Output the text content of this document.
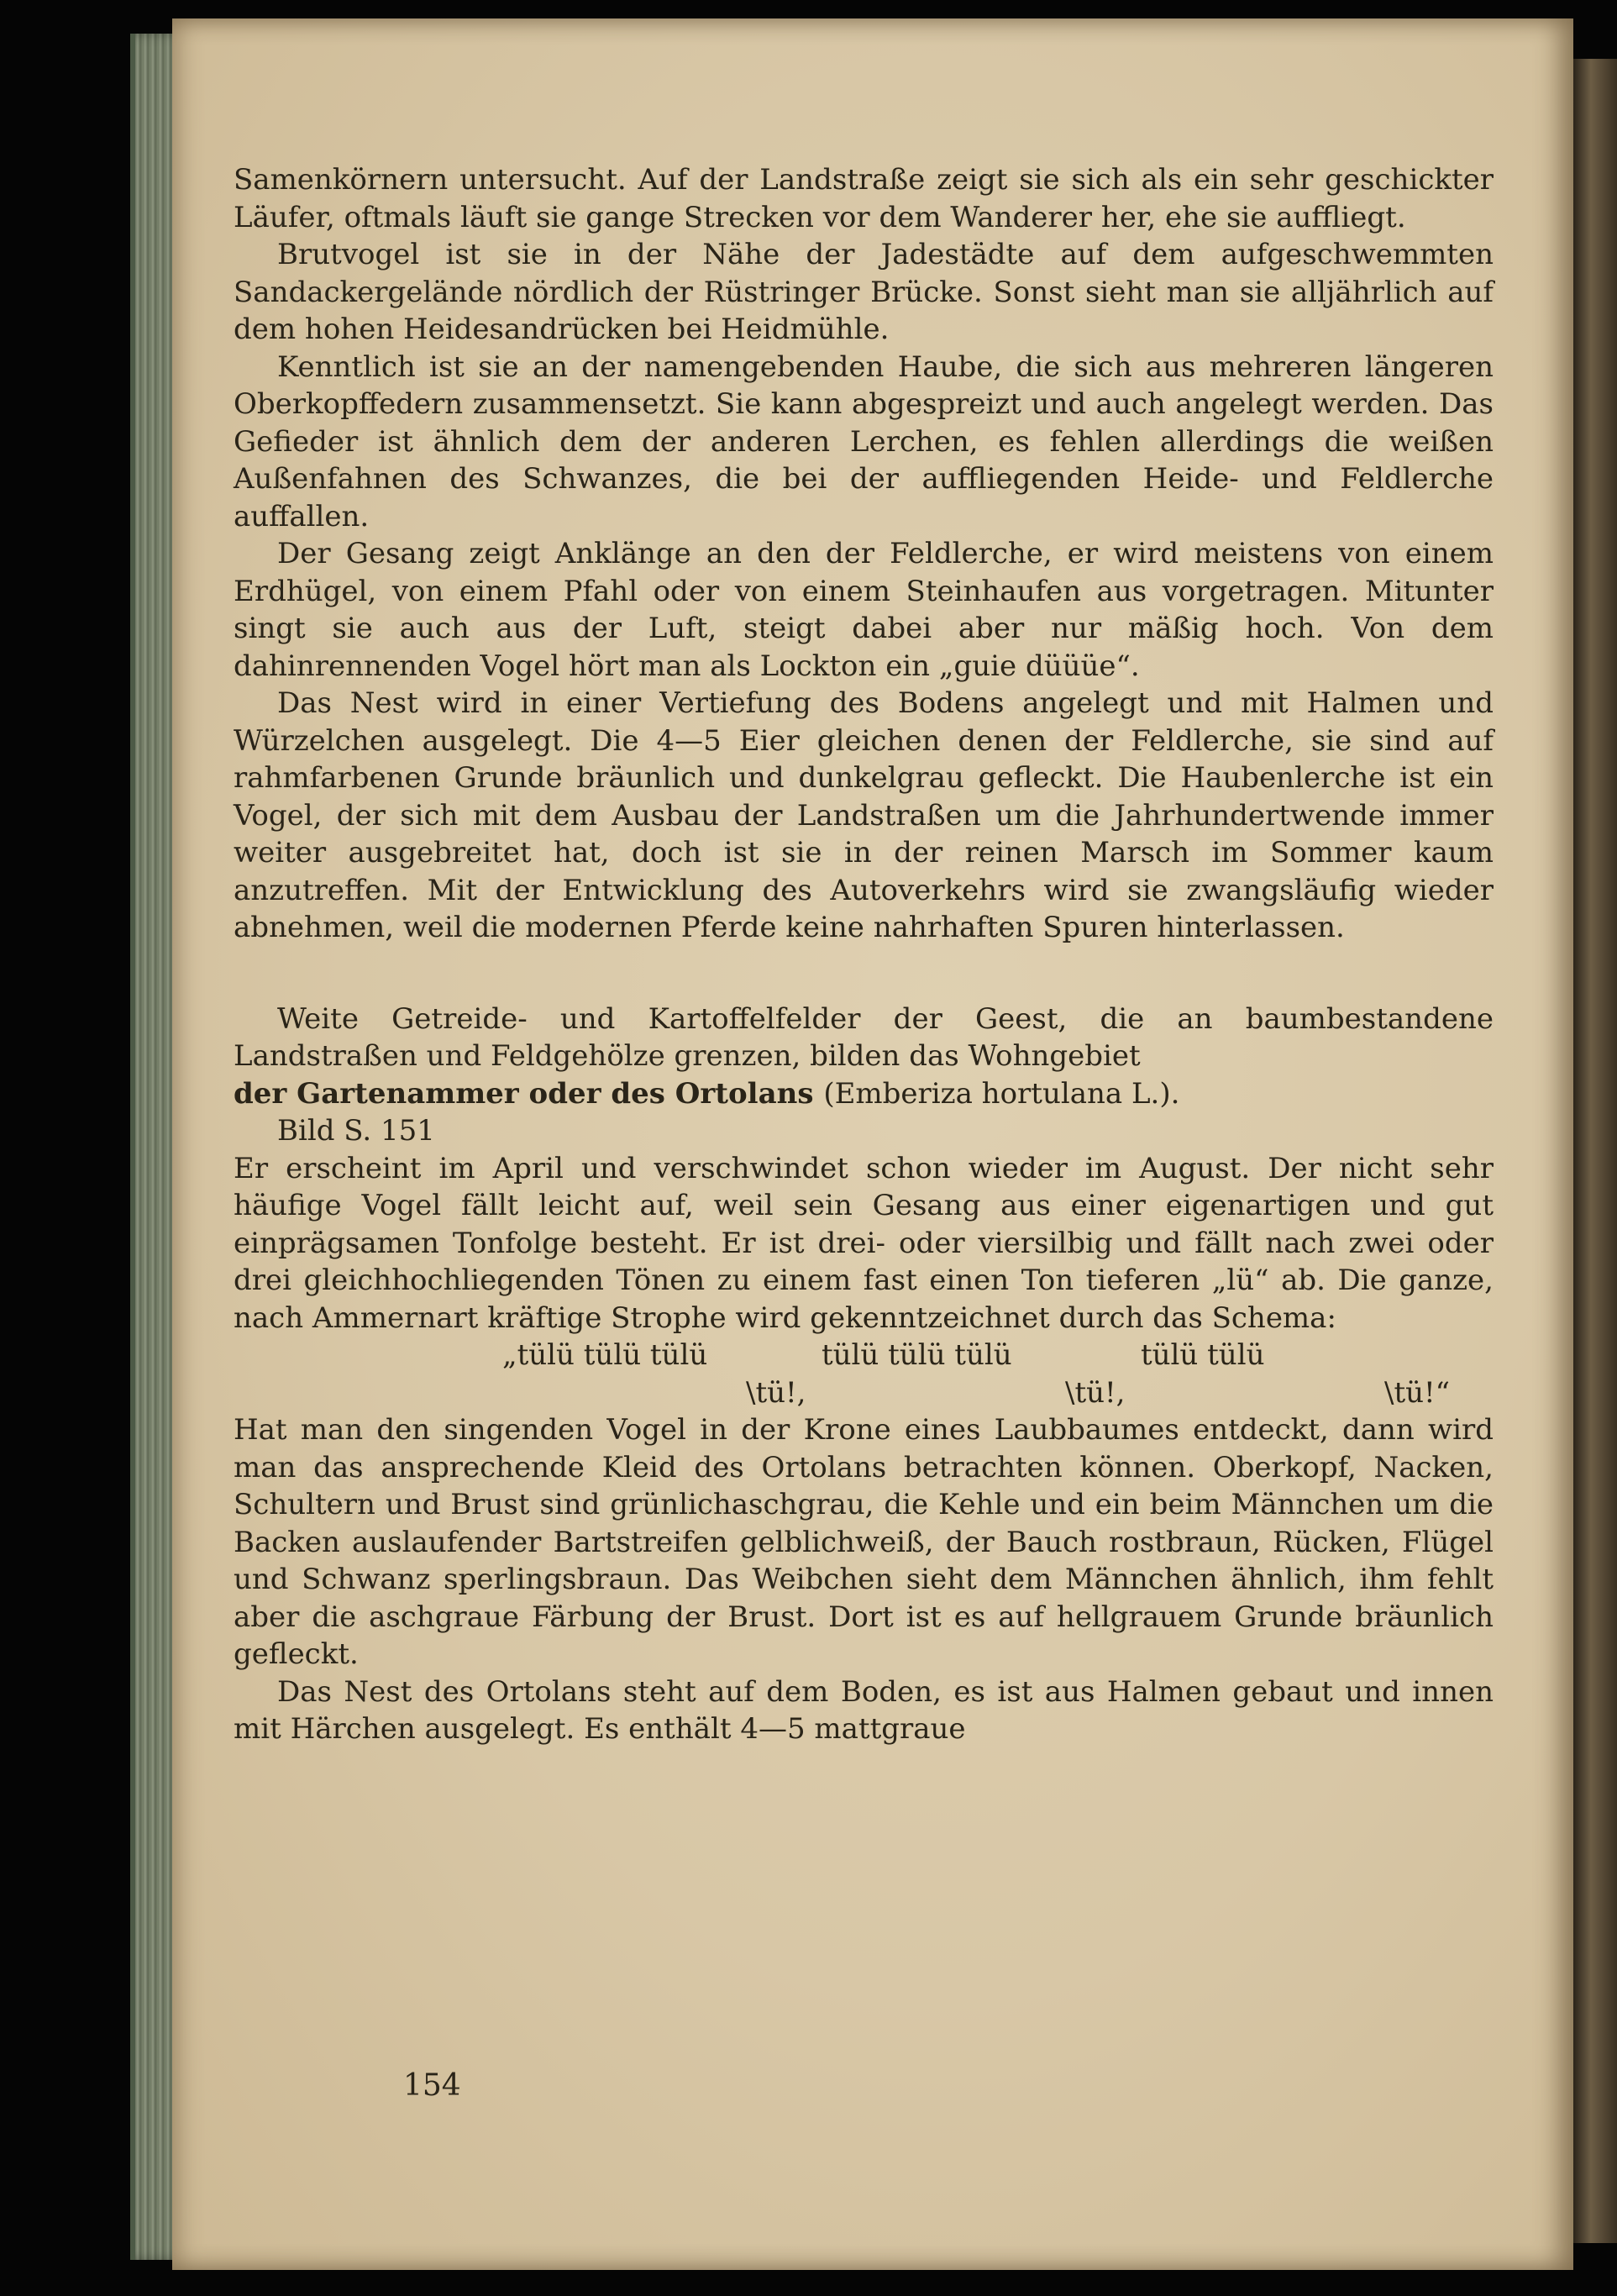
Samenkörnern untersucht. Auf der Landstraße zeigt sie sich als ein sehr geschickter Läufer, oftmals läuft sie gange Strecken vor dem Wanderer her, ehe sie auffliegt.

Brutvogel ist sie in der Nähe der Jadestädte auf dem aufgeschwemmten Sandackergelände nördlich der Rüstringer Brücke. Sonst sieht man sie alljährlich auf dem hohen Heidesandrücken bei Heidmühle.

Kenntlich ist sie an der namengebenden Haube, die sich aus mehreren längeren Oberkopffedern zusammensetzt. Sie kann abgespreizt und auch angelegt werden. Das Gefieder ist ähnlich dem der anderen Lerchen, es fehlen allerdings die weißen Außenfahnen des Schwanzes, die bei der auffliegenden Heide- und Feldlerche auffallen.

Der Gesang zeigt Anklänge an den der Feldlerche, er wird meistens von einem Erdhügel, von einem Pfahl oder von einem Steinhaufen aus vorgetragen. Mitunter singt sie auch aus der Luft, steigt dabei aber nur mäßig hoch. Von dem dahinrennenden Vogel hört man als Lockton ein „guie düüüe“.

Das Nest wird in einer Vertiefung des Bodens angelegt und mit Halmen und Würzelchen ausgelegt. Die 4—5 Eier gleichen denen der Feldlerche, sie sind auf rahmfarbenen Grunde bräunlich und dunkelgrau gefleckt. Die Haubenlerche ist ein Vogel, der sich mit dem Ausbau der Landstraßen um die Jahrhundertwende immer weiter ausgebreitet hat, doch ist sie in der reinen Marsch im Sommer kaum anzutreffen. Mit der Entwicklung des Autoverkehrs wird sie zwangsläufig wieder abnehmen, weil die modernen Pferde keine nahrhaften Spuren hinterlassen.

Weite Getreide- und Kartoffelfelder der Geest, die an baumbestandene Landstraßen und Feldgehölze grenzen, bilden das Wohngebiet

der Gartenammer oder des Ortolans (Emberiza hortulana L.).

Bild S. 151

Er erscheint im April und verschwindet schon wieder im August. Der nicht sehr häufige Vogel fällt leicht auf, weil sein Gesang aus einer eigenartigen und gut einprägsamen Tonfolge besteht. Er ist drei- oder viersilbig und fällt nach zwei oder drei gleichhochliegenden Tönen zu einem fast einen Ton tieferen „lü“ ab. Die ganze, nach Ammernart kräftige Strophe wird gekenntzeichnet durch das Schema:

„tülü tülü tülü	tülü tülü tülü	tülü tülü
\tü!,	\tü!,	\tü!“

Hat man den singenden Vogel in der Krone eines Laubbaumes entdeckt, dann wird man das ansprechende Kleid des Ortolans betrachten können. Oberkopf, Nacken, Schultern und Brust sind grünlichaschgrau, die Kehle und ein beim Männchen um die Backen auslaufender Bartstreifen gelblichweiß, der Bauch rostbraun, Rücken, Flügel und Schwanz sperlingsbraun. Das Weibchen sieht dem Männchen ähnlich, ihm fehlt aber die aschgraue Färbung der Brust. Dort ist es auf hellgrauem Grunde bräunlich gefleckt.

Das Nest des Ortolans steht auf dem Boden, es ist aus Halmen gebaut und innen mit Härchen ausgelegt. Es enthält 4—5 mattgraue

154
